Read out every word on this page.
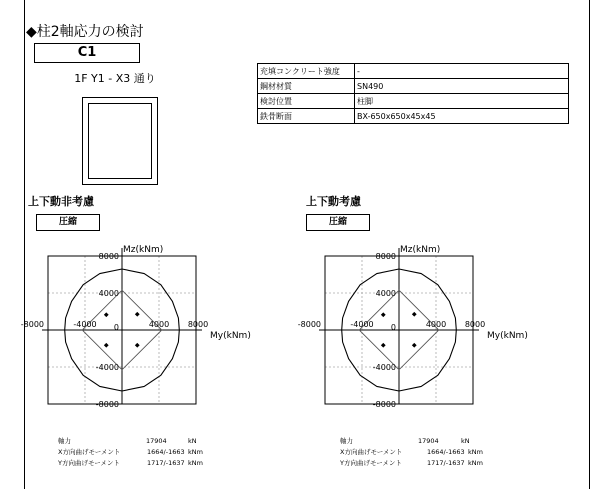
◆柱2軸応力の検討
C1
1F Y1 - X3 通り
充填コンクリート強度	-
鋼材材質	SN490
検討位置	柱脚
鉄骨断面	BX-650x650x45x45
上下動非考慮
圧縮
-8000
-4000
4000
8000
-8000	-4000 0	4000 8000
Mz(kNm)
My(kNm)
軸力	17904	kN
X方向曲げモーメント	1664/-1663 kNm
Y方向曲げモーメント	1717/-1637 kNm
上下動考慮
圧縮
-8000
-4000
4000
8000
-8000	-4000 0	4000 8000
Mz(kNm)
My(kNm)
軸力	17904	kN
X方向曲げモーメント	1664/-1663 kNm
Y方向曲げモーメント	1717/-1637 kNm
